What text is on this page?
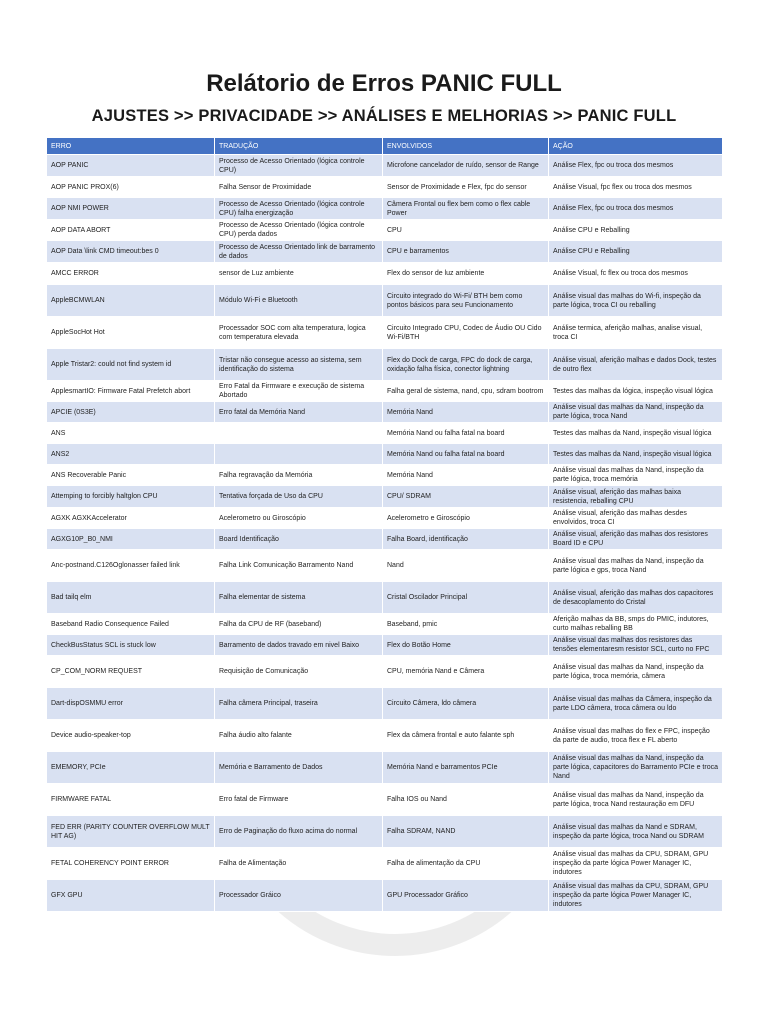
Relátorio de Erros PANIC FULL
AJUSTES >> PRIVACIDADE >> ANÁLISES E MELHORIAS >> PANIC FULL
ERRO	TRADUÇÃO	ENVOLVIDOS	AÇÃO
AOP PANIC	Processo de Acesso Orientado (lógica controle CPU)	Microfone cancelador de ruído, sensor de Range	Análise Flex, fpc ou troca dos mesmos
AOP PANIC PROX(6)	Falha Sensor de Proximidade	Sensor de Proximidade e Flex, fpc do sensor	Análise Visual, fpc flex ou troca dos mesmos
AOP NMI POWER	Processo de Acesso Orientado (lógica controle CPU) falha energização	Câmera Frontal ou flex bem como o flex cable Power	Análise Flex, fpc ou troca dos mesmos
AOP DATA ABORT	Processo de Acesso Orientado (lógica controle CPU) perda dados	CPU	Análise CPU e Reballing
AOP Data \link CMD timeout:bes 0	Processo de Acesso Orientado link de barramento de dados	CPU e barramentos	Análise CPU e Reballing
AMCC ERROR	sensor de Luz ambiente	Flex do sensor de luz ambiente	Análise Visual, fc flex ou troca dos mesmos
AppleBCMWLAN	Módulo Wi-Fi e Bluetooth	Circuito integrado do Wi-Fi/ BTH bem como pontos básicos para seu Funcionamento	Análise visual das malhas do Wi-fi, inspeção da parte lógica, troca CI ou reballing
AppleSocHot Hot	Processador SOC com alta temperatura, logica com temperatura elevada	Circuito Integrado CPU, Codec de Áudio OU Cido Wi-Fi/BTH	Análise termica, aferição malhas, analise visual, troca CI
Apple Tristar2: could not find system id	Tristar não consegue acesso ao sistema, sem identificação do sistema	Flex do Dock de carga, FPC do dock de carga, oxidação falha física, conector lightning	Análise visual, aferição malhas e dados Dock, testes de outro flex
ApplesmartIO: Firmware Fatal Prefetch abort	Erro Fatal da Firmware e execução de sistema Abortado	Falha geral de sistema, nand, cpu, sdram bootrom	Testes das malhas da lógica, inspeção visual lógica
APCIE (0S3E)	Erro fatal da Memória Nand	Memória Nand	Análise visual das malhas da Nand, inspeção da parte lógica, troca Nand
ANS		Memória Nand ou falha fatal na board	Testes das malhas da Nand, inspeção visual lógica
ANS2		Memória Nand ou falha fatal na board	Testes das malhas da Nand, inspeção visual lógica
ANS Recoverable Panic	Falha regravação da Memória	Memória Nand	Análise visual das malhas da Nand, inspeção da parte lógica, troca memória
Attemping to forcibly haltglon CPU	Tentativa forçada de Uso da CPU	CPU/ SDRAM	Análise visual, aferição das malhas baixa resistencia, reballing CPU
AGXK AGXKAccelerator	Acelerometro ou Giroscópio	Acelerometro e Giroscópio	Análise visual, aferição das malhas desdes envolvidos, troca CI
AGXG10P_B0_NMI	Board Identificação	Falha Board, identificação	Análise visual, aferição das malhas dos resistores Board ID e CPU
Anc-postnand.C126Oglonasser failed link	Falha Link Comunicação Barramento Nand	Nand	Análise visual das malhas da Nand, inspeção da parte lógica e gps, troca Nand
Bad tailq elm	Falha elementar de sistema	Cristal Oscilador Principal	Análise visual, aferição das malhas dos capacitores de desacoplamento do Cristal
Baseband Radio Consequence Failed	Falha da CPU de RF (baseband)	Baseband, pmic	Aferição malhas da BB, smps do PMIC, indutores, curto malhas reballing BB
CheckBusStatus SCL is stuck low	Barramento de dados travado em nivel Baixo	Flex do Botão Home	Análise visual das malhas dos resistores das tensões elementaresm resistor SCL, curto no FPC
CP_COM_NORM REQUEST	Requisição de Comunicação	CPU, memória Nand e Câmera	Análise visual das malhas da Nand, inspeção da parte lógica, troca memória, câmera
Dart-dispOSMMU error	Falha câmera Principal, traseira	Circuito Câmera, ldo câmera	Análise visual das malhas da Câmera, inspeção da parte LDO câmera, troca câmera ou ldo
Device audio-speaker-top	Falha áudio alto falante	Flex da câmera frontal e auto falante sph	Análise visual das malhas do flex e FPC, inspeção da parte de audio, troca flex e FL aberto
EMEMORY, PCIe	Memória e Barramento de Dados	Memória Nand e barramentos PCIe	Análise visual das malhas da Nand, inspeção da parte lógica, capacitores do Barramento PCIe e troca Nand
FIRMWARE FATAL	Erro fatal de Firmware	Falha IOS ou Nand	Análise visual das malhas da Nand, inspeção da parte lógica, troca Nand restauração em DFU
FED ERR (PARITY COUNTER OVERFLOW MULT HIT AG)	Erro de Paginação do fluxo acima do normal	Falha SDRAM, NAND	Análise visual das malhas da Nand e SDRAM, inspeção da parte lógica, troca Nand ou SDRAM
FETAL COHERENCY POINT ERROR	Falha de Alimentação	Falha de alimentação da CPU	Análise visual das malhas da CPU, SDRAM, GPU inspeção da parte lógica Power Manager IC, indutores
GFX GPU	Processador Gráico	GPU Processador Gráfico	Análise visual das malhas da CPU, SDRAM, GPU inspeção da parte lógica Power Manager IC, indutores
